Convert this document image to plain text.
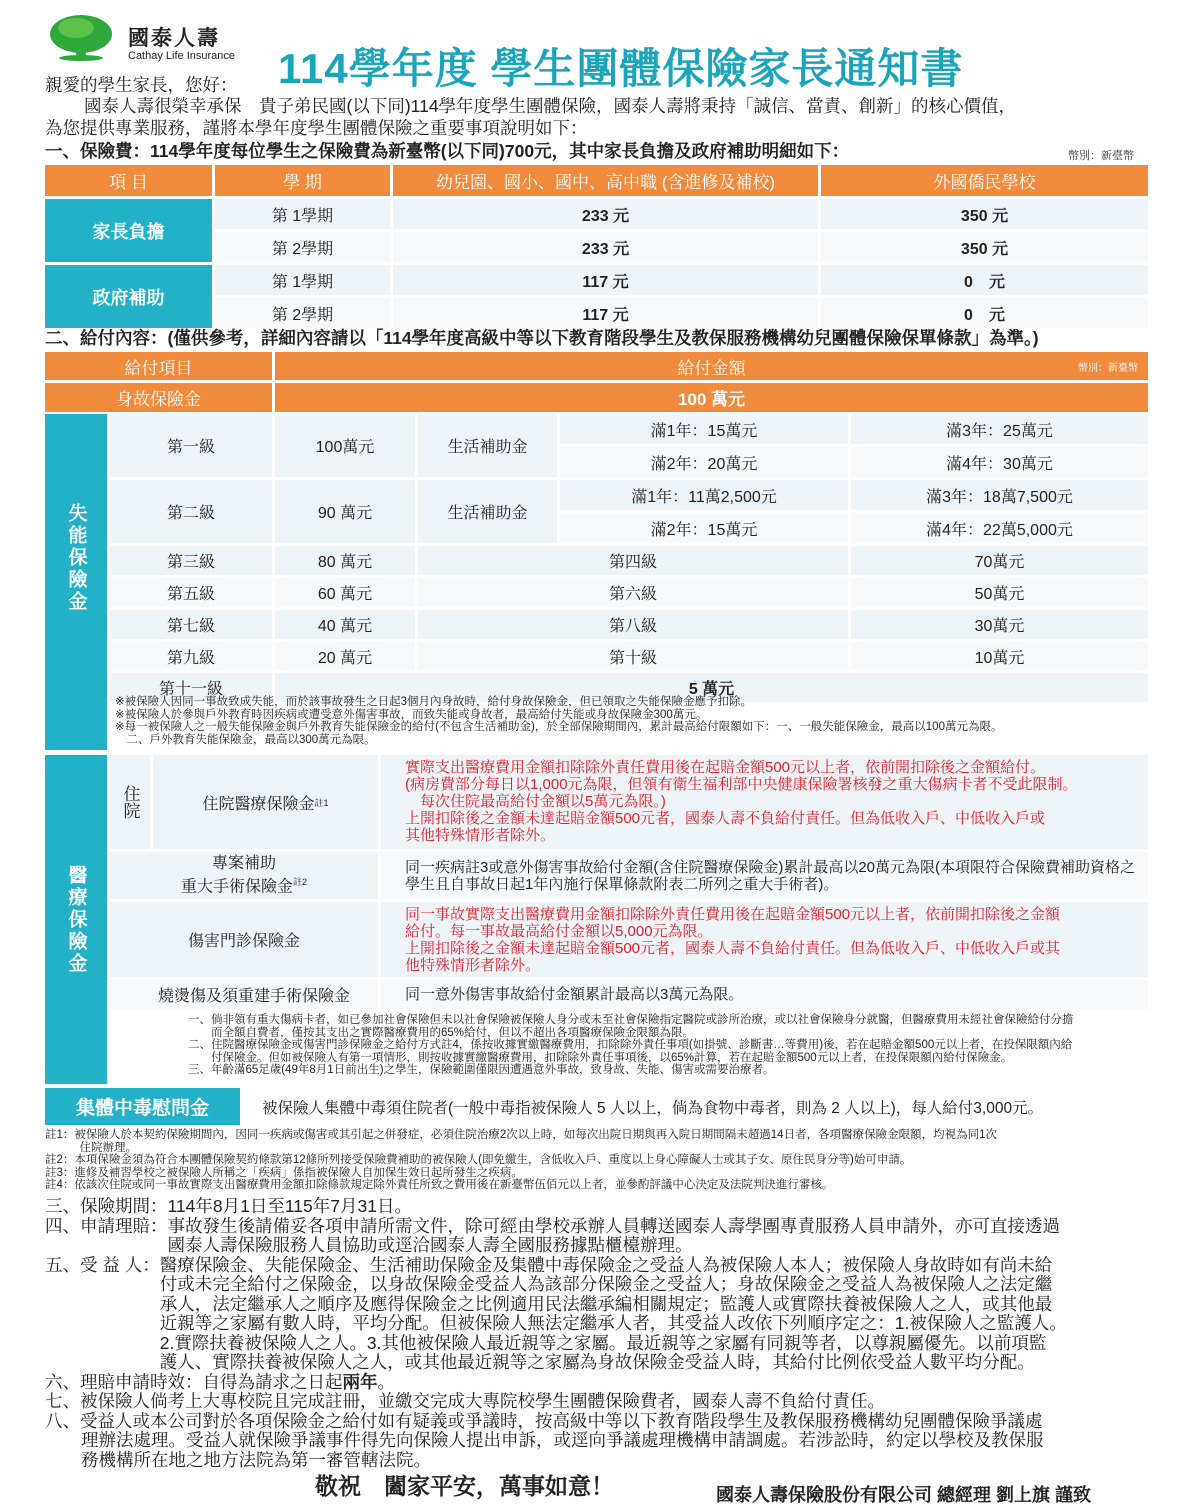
國泰人壽
Cathay Life Insurance 114學年度 學生團體保險家長通知書
親愛的學生家長，您好：
國泰人壽很榮幸承保　貴子弟民國(以下同)114學年度學生團體保險，國泰人壽將秉持「誠信、當責、創新」的核心價值，
為您提供專業服務，謹將本學年度學生團體保險之重要事項說明如下：
一、保險費：114學年度每位學生之保險費為新臺幣(以下同)700元，其中家長負擔及政府補助明細如下：	幣別：新臺幣
項 目	學 期	幼兒園、國小、國中、高中職 (含進修及補校)	外國僑民學校
家長負擔
第 1學期	233 元	350 元
第 2學期	233 元	350 元
政府補助
第 1學期	117 元	0　元
第 2學期	117 元	0　元
二、給付內容：(僅供參考，詳細內容請以「114學年度高級中等以下教育階段學生及教保服務機構幼兒團體保險保單條款」為準。)
給付項目	給付金額	幣別：新臺幣
身故保險金	100 萬元
失能保險金
第一級	100萬元	生活補助金
滿1年：15萬元	滿3年：25萬元
滿2年：20萬元	滿4年：30萬元
第二級	90 萬元	生活補助金
滿1年：11萬2,500元	滿3年：18萬7,500元
滿2年：15萬元	滿4年：22萬5,000元
第三級	80 萬元	第四級	70萬元
第五級	60 萬元	第六級	50萬元
第七級	40 萬元	第八級	30萬元
第九級	20 萬元	第十級	10萬元
第十一級	5 萬元
※被保險人因同一事故致成失能，而於該事故發生之日起3個月內身故時，給付身故保險金，但已領取之失能保險金應予扣除。
※被保險人於參與戶外教育時因疾病或遭受意外傷害事故，而致失能或身故者，最高給付失能或身故保險金300萬元。
※每一被保險人之一般失能保險金與戶外教育失能保險金的給付(不包含生活補助金)，於全部保險期間內，累計最高給付限額如下：一、一般失能保險金，最高以100萬元為限。
　二、戶外教育失能保險金，最高以300萬元為限。
醫療保險金
住院	住院醫療保險金 註1
實際支出醫療費用金額扣除除外責任費用後在起賠金額500元以上者，依前開扣除後之金額給付。
(病房費部分每日以1,000元為限，但領有衛生福利部中央健康保險署核發之重大傷病卡者不受此限制。
　每次住院最高給付金額以5萬元為限。)
上開扣除後之金額未達起賠金額500元者，國泰人壽不負給付責任。但為低收入戶、中低收入戶或
其他特殊情形者除外。
專案補助
重大手術保險金$^{註2}$
同一疾病註3或意外傷害事故給付金額(含住院醫療保險金)累計最高以20萬元為限(本項限符合保險費補助資格之學生且自事故日起1年內施行保單條款附表二所列之重大手術者)。
傷害門診保險金
同一事故實際支出醫療費用金額扣除除外責任費用後在起賠金額500元以上者，依前開扣除後之金額
給付。每一事故最高給付金額以5,000元為限。
上開扣除後之金額未達起賠金額500元者，國泰人壽不負給付責任。但為低收入戶、中低收入戶或其
他特殊情形者除外。
燒燙傷及須重建手術保險金	同一意外傷害事故給付金額累計最高以3萬元為限。
一、倘非領有重大傷病卡者，如已參加社會保險但未以社會保險被保險人身分或未至社會保險指定醫院或診所治療，或以社會保險身分就醫，但醫療費用未經社會保險給付分擔
　　而全額自費者，僅按其支出之實際醫療費用的65%給付，但以不超出各項醫療保險金限額為限。
二、住院醫療保險金或傷害門診保險金之給付方式註4，係按收據實繳醫療費用，扣除除外責任事項(如掛號、診斷書…等費用)後，若在起賠金額500元以上者，在投保限額內給
　　付保險金。但如被保險人有第一項情形，則按收據實繳醫療費用，扣除除外責任事項後，以65%計算，若在起賠金額500元以上者，在投保限額內給付保險金。
三、年齡滿65足歲(49年8月1日前出生)之學生，保險範圍僅限因遭遇意外事故，致身故、失能、傷害或需要治療者。
集體中毒慰問金	被保險人集體中毒須住院者(一般中毒指被保險人 5 人以上，倘為食物中毒者，則為 2 人以上)，每人給付3,000元。
註1：被保險人於本契約保險期間內，因同一疾病或傷害或其引起之併發症，必須住院治療2次以上時，如每次出院日期與再入院日期間隔未超過14日者，各項醫療保險金限額，均視為同1次
　　　住院辦理。
註2：本項保險金須為符合本團體保險契約條款第12條所列接受保險費補助的被保險人(即免繳生，含低收入戶、重度以上身心障礙人士或其子女、原住民身分等)始可申請。
註3：進修及補習學校之被保險人所稱之「疾病」係指被保險人自加保生效日起所發生之疾病。
註4：依該次住院或同一事故實際支出醫療費用金額扣除條款規定除外責任所致之費用後在新臺幣伍佰元以上者，並參酌評議中心決定及法院判決進行審核。
三、保險期間： 114年8月1日至115年7月31日。
四、申請理賠： 事故發生後請備妥各項申請所需文件，除可經由學校承辦人員轉送國泰人壽學團專責服務人員申請外，亦可直接透過
國泰人壽保險服務人員協助或逕洽國泰人壽全國服務據點櫃檯辦理。
五、受 益 人： 醫療保險金、失能保險金、生活補助保險金及集體中毒保險金之受益人為被保險人本人；被保險人身故時如有尚未給
付或未完全給付之保險金，以身故保險金受益人為該部分保險金之受益人；身故保險金之受益人為被保險人之法定繼
承人，法定繼承人之順序及應得保險金之比例適用民法繼承編相關規定；監護人或實際扶養被保險人之人，或其他最
近親等之家屬有數人時，平均分配。但被保險人無法定繼承人者，其受益人改依下列順序定之：1.被保險人之監護人。
2.實際扶養被保險人之人。3.其他被保險人最近親等之家屬。最近親等之家屬有同親等者，以尊親屬優先。以前項監
護人、實際扶養被保險人之人，或其他最近親等之家屬為身故保險金受益人時，其給付比例依受益人數平均分配。
六、理賠申請時效：自得為請求之日起兩年。
七、被保險人倘考上大專校院且完成註冊，並繳交完成大專院校學生團體保險費者，國泰人壽不負給付責任。
八、受益人或本公司對於各項保險金之給付如有疑義或爭議時，按高級中等以下教育階段學生及教保服務機構幼兒團體保險爭議處
理辦法處理。受益人就保險爭議事件得先向保險人提出申訴，或逕向爭議處理機構申請調處。若涉訟時，約定以學校及教保服
務機構所在地之地方法院為第一審管轄法院。
敬祝　闔家平安，萬事如意！	國泰人壽保險股份有限公司 總經理 劉上旗 謹致
